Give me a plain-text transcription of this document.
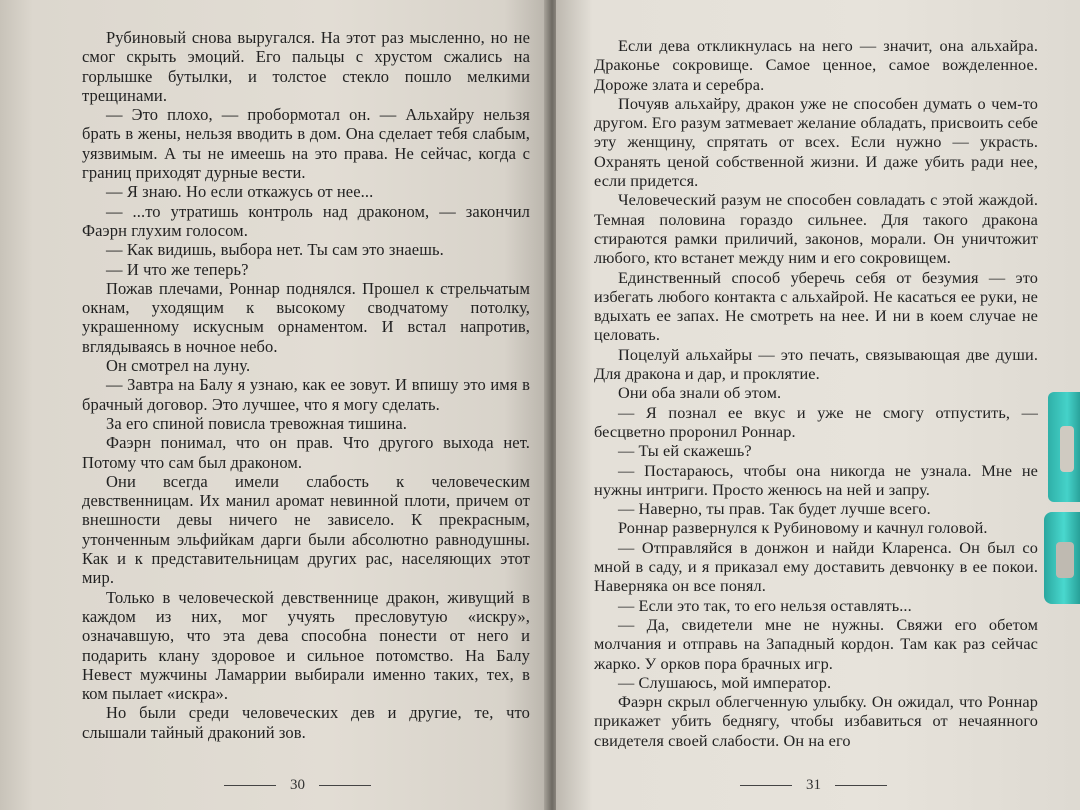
Рубиновый снова выругался. На этот раз мысленно, но не смог скрыть эмоций. Его пальцы с хрустом сжались на горлышке бутылки, и толстое стекло пошло мелкими трещинами.

— Это плохо, — пробормотал он. — Альхайру нельзя брать в жены, нельзя вводить в дом. Она сделает тебя слабым, уязвимым. А ты не имеешь на это права. Не сейчас, когда с границ приходят дурные вести.

— Я знаю. Но если откажусь от нее...

— ...то утратишь контроль над драконом, — закончил Фаэрн глухим голосом.

— Как видишь, выбора нет. Ты сам это знаешь.

— И что же теперь?

Пожав плечами, Роннар поднялся. Прошел к стрельчатым окнам, уходящим к высокому сводчатому потолку, украшенному искусным орнаментом. И встал напротив, вглядываясь в ночное небо.

Он смотрел на луну.

— Завтра на Балу я узнаю, как ее зовут. И впишу это имя в брачный договор. Это лучшее, что я могу сделать.

За его спиной повисла тревожная тишина.

Фаэрн понимал, что он прав. Что другого выхода нет. Потому что сам был драконом.

Они всегда имели слабость к человеческим девственницам. Их манил аромат невинной плоти, причем от внешности девы ничего не зависело. К прекрасным, утонченным эльфийкам дарги были абсолютно равнодушны. Как и к представительницам других рас, населяющих этот мир.

Только в человеческой девственнице дракон, живущий в каждом из них, мог учуять пресловутую «искру», означавшую, что эта дева способна понести от него и подарить клану здоровое и сильное потомство. На Балу Невест мужчины Ламаррии выбирали именно таких, тех, в ком пылает «искра».

Но были среди человеческих дев и другие, те, что слышали тайный драконий зов.

30

Если дева откликнулась на него — значит, она альхайра. Драконье сокровище. Самое ценное, самое вожделенное. Дороже злата и серебра.

Почуяв альхайру, дракон уже не способен думать о чем-то другом. Его разум затмевает желание обладать, присвоить себе эту женщину, спрятать от всех. Если нужно — украсть. Охранять ценой собственной жизни. И даже убить ради нее, если придется.

Человеческий разум не способен совладать с этой жаждой. Темная половина гораздо сильнее. Для такого дракона стираются рамки приличий, законов, морали. Он уничтожит любого, кто встанет между ним и его сокровищем.

Единственный способ уберечь себя от безумия — это избегать любого контакта с альхайрой. Не касаться ее руки, не вдыхать ее запах. Не смотреть на нее. И ни в коем случае не целовать.

Поцелуй альхайры — это печать, связывающая две души. Для дракона и дар, и проклятие.

Они оба знали об этом.

— Я познал ее вкус и уже не смогу отпустить, — бесцветно проронил Роннар.

— Ты ей скажешь?

— Постараюсь, чтобы она никогда не узнала. Мне не нужны интриги. Просто женюсь на ней и запру.

— Наверно, ты прав. Так будет лучше всего.

Роннар развернулся к Рубиновому и качнул головой.

— Отправляйся в донжон и найди Кларенса. Он был со мной в саду, и я приказал ему доставить девчонку в ее покои. Наверняка он все понял.

— Если это так, то его нельзя оставлять...

— Да, свидетели мне не нужны. Свяжи его обетом молчания и отправь на Западный кордон. Там как раз сейчас жарко. У орков пора брачных игр.

— Слушаюсь, мой император.

Фаэрн скрыл облегченную улыбку. Он ожидал, что Роннар прикажет убить беднягу, чтобы избавиться от нечаянного свидетеля своей слабости. Он на его

31
